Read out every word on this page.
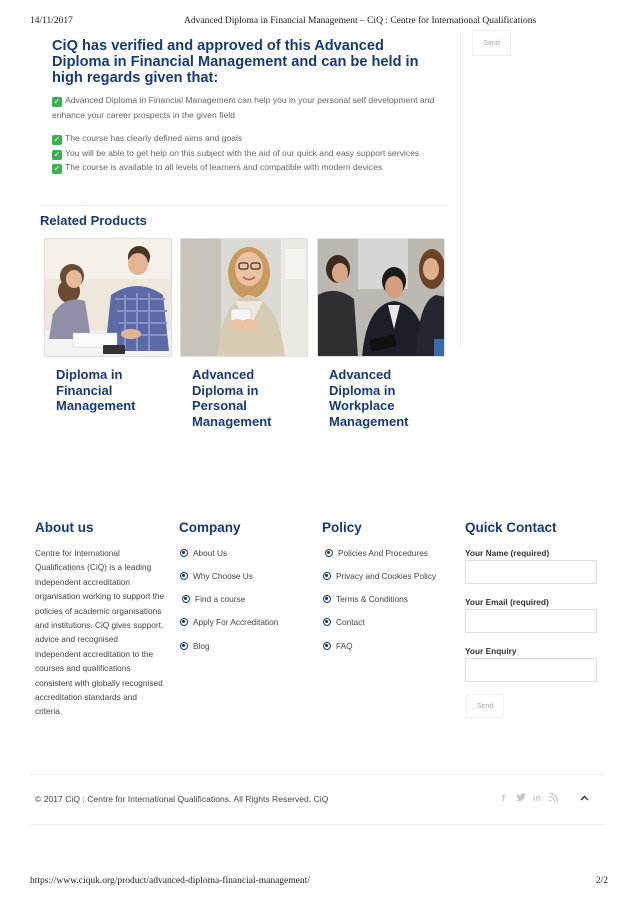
14/11/2017	Advanced Diploma in Financial Management – CiQ : Centre for International Qualifications
CiQ has verified and approved of this Advanced Diploma in Financial Management and can be held in high regards given that:

✓ Advanced Diploma in Financial Management can help you in your personal self development and enhance your career prospects in the given field

✓ The course has clearly defined aims and goals
✓ You will be able to get help on this subject with the aid of our quick and easy support services
✓ The course is available to all levels of learners and compatible with modern devices
Send
Related Products
Diploma in Financial Management
Advanced Diploma in Personal Management
Advanced Diploma in Workplace Management
About us

Centre for International Qualifications (CiQ) is a leading independent accreditation organisation working to support the policies of academic organisations and institutions. CiQ gives support, advice and recognised independent accreditation to the courses and qualifications consistent with globally recognised accreditation standards and criteria.

Company
About Us
Why Choose Us
Find a course
Apply For Accreditation
Blog
Policy
Policies And Procedures
Privacy and Cookies Policy
Terms & Conditions
Contact
FAQ
Quick Contact
Your Name (required)
Your Email (required)
Your Enquiry
Send

© 2017 CiQ : Centre for International Qualifications. All Rights Reserved. CiQ	f	in
https://www.ciquk.org/product/advanced-diploma-financial-management/	2/2
